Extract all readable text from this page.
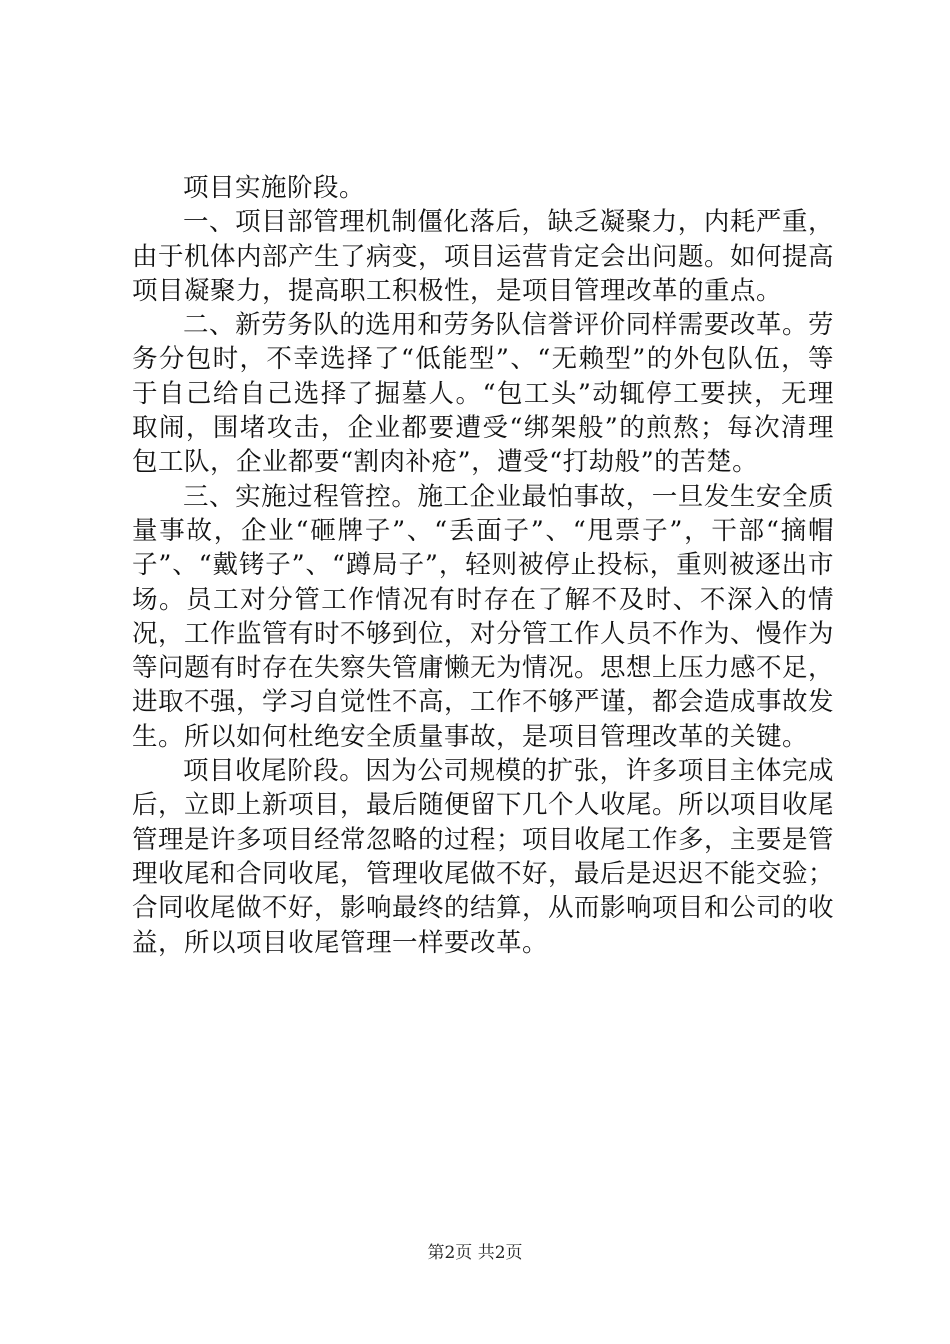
项目实施阶段。

一、项目部管理机制僵化落后，缺乏凝聚力，内耗严重，由于机体内部产生了病变，项目运营肯定会出问题。如何提高项目凝聚力，提高职工积极性，是项目管理改革的重点。

二、新劳务队的选用和劳务队信誉评价同样需要改革。劳务分包时，不幸选择了“低能型”、“无赖型”的外包队伍，等于自己给自己选择了掘墓人。“包工头”动辄停工要挟，无理取闹，围堵攻击，企业都要遭受“绑架般”的煎熬；每次清理包工队，企业都要“割肉补疮”，遭受“打劫般”的苦楚。

三、实施过程管控。施工企业最怕事故，一旦发生安全质量事故，企业“砸牌子”、“丢面子”、“甩票子”，干部“摘帽子”、“戴铐子”、“蹲局子”，轻则被停止投标，重则被逐出市场。员工对分管工作情况有时存在了解不及时、不深入的情况，工作监管有时不够到位，对分管工作人员不作为、慢作为等问题有时存在失察失管庸懒无为情况。思想上压力感不足，进取不强，学习自觉性不高，工作不够严谨，都会造成事故发生。所以如何杜绝安全质量事故，是项目管理改革的关键。

项目收尾阶段。因为公司规模的扩张，许多项目主体完成后，立即上新项目，最后随便留下几个人收尾。所以项目收尾管理是许多项目经常忽略的过程；项目收尾工作多，主要是管理收尾和合同收尾，管理收尾做不好，最后是迟迟不能交验；合同收尾做不好，影响最终的结算，从而影响项目和公司的收益，所以项目收尾管理一样要改革。

第2页 共2页
